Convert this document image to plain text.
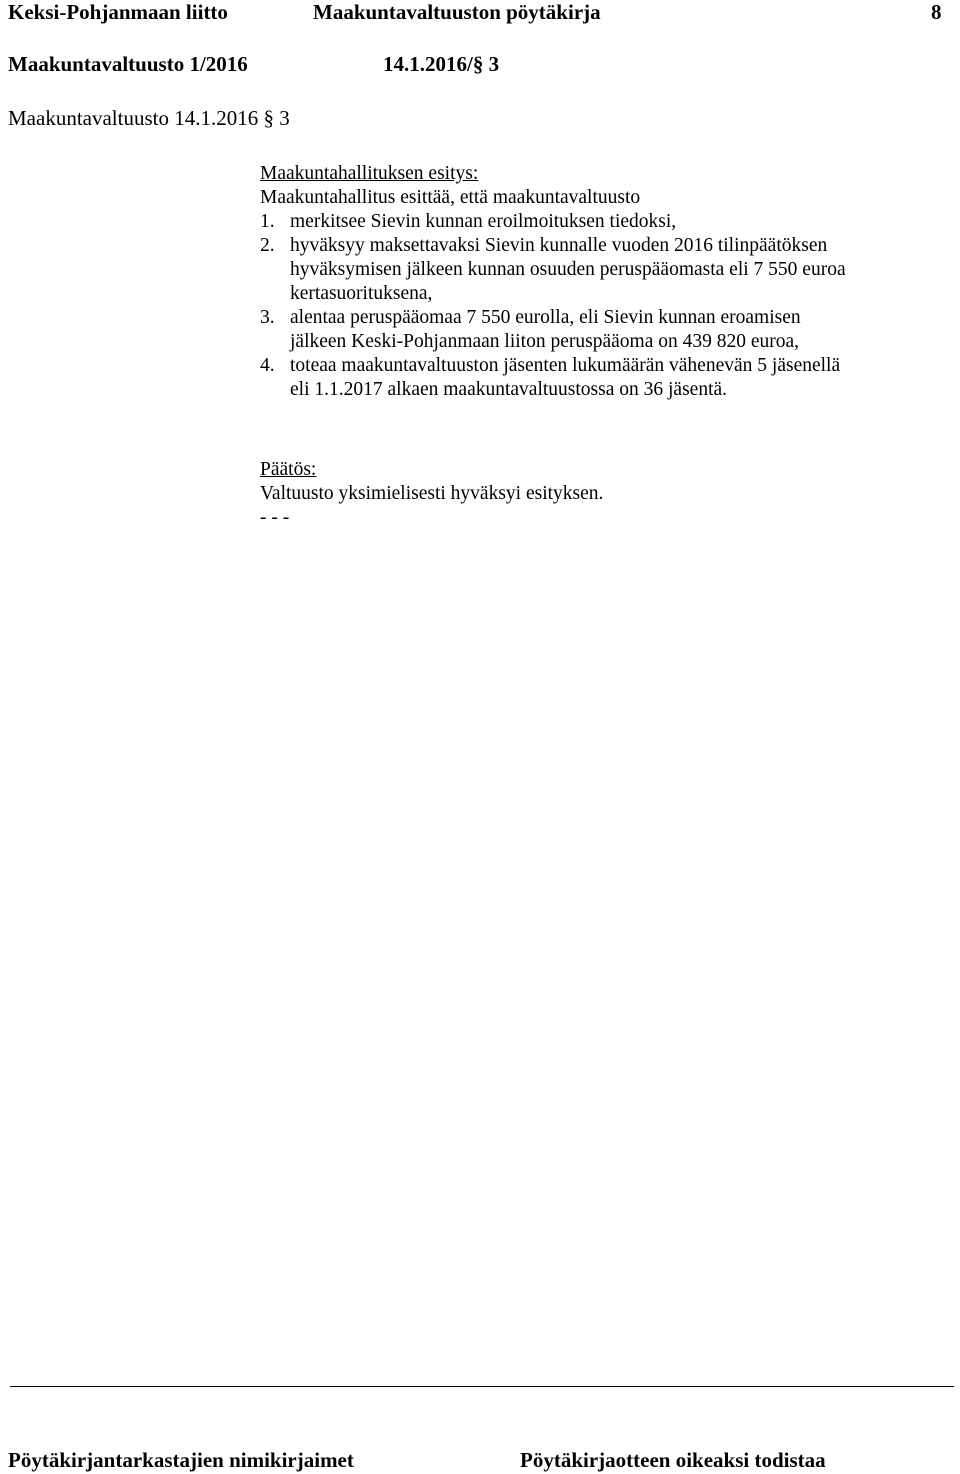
Keksi-Pohjanmaan liitto	Maakuntavaltuuston pöytäkirja	8
Maakuntavaltuusto 1/2016	14.1.2016/§ 3
Maakuntavaltuusto 14.1.2016 § 3
Maakuntahallituksen esitys:
Maakuntahallitus esittää, että maakuntavaltuusto
1. merkitsee Sievin kunnan eroilmoituksen tiedoksi,
2. hyväksyy maksettavaksi Sievin kunnalle vuoden 2016 tilinpäätöksen
hyväksymisen jälkeen kunnan osuuden peruspääomasta eli 7 550 euroa
kertasuorituksena,
3. alentaa peruspääomaa 7 550 eurolla, eli Sievin kunnan eroamisen
jälkeen Keski-Pohjanmaan liiton peruspääoma on 439 820 euroa,
4. toteaa maakuntavaltuuston jäsenten lukumäärän vähenevän 5 jäsenellä
eli 1.1.2017 alkaen maakuntavaltuustossa on 36 jäsentä.
Päätös:
Valtuusto yksimielisesti hyväksyi esityksen.
- - -
Pöytäkirjantarkastajien nimikirjaimet	Pöytäkirjaotteen oikeaksi todistaa
